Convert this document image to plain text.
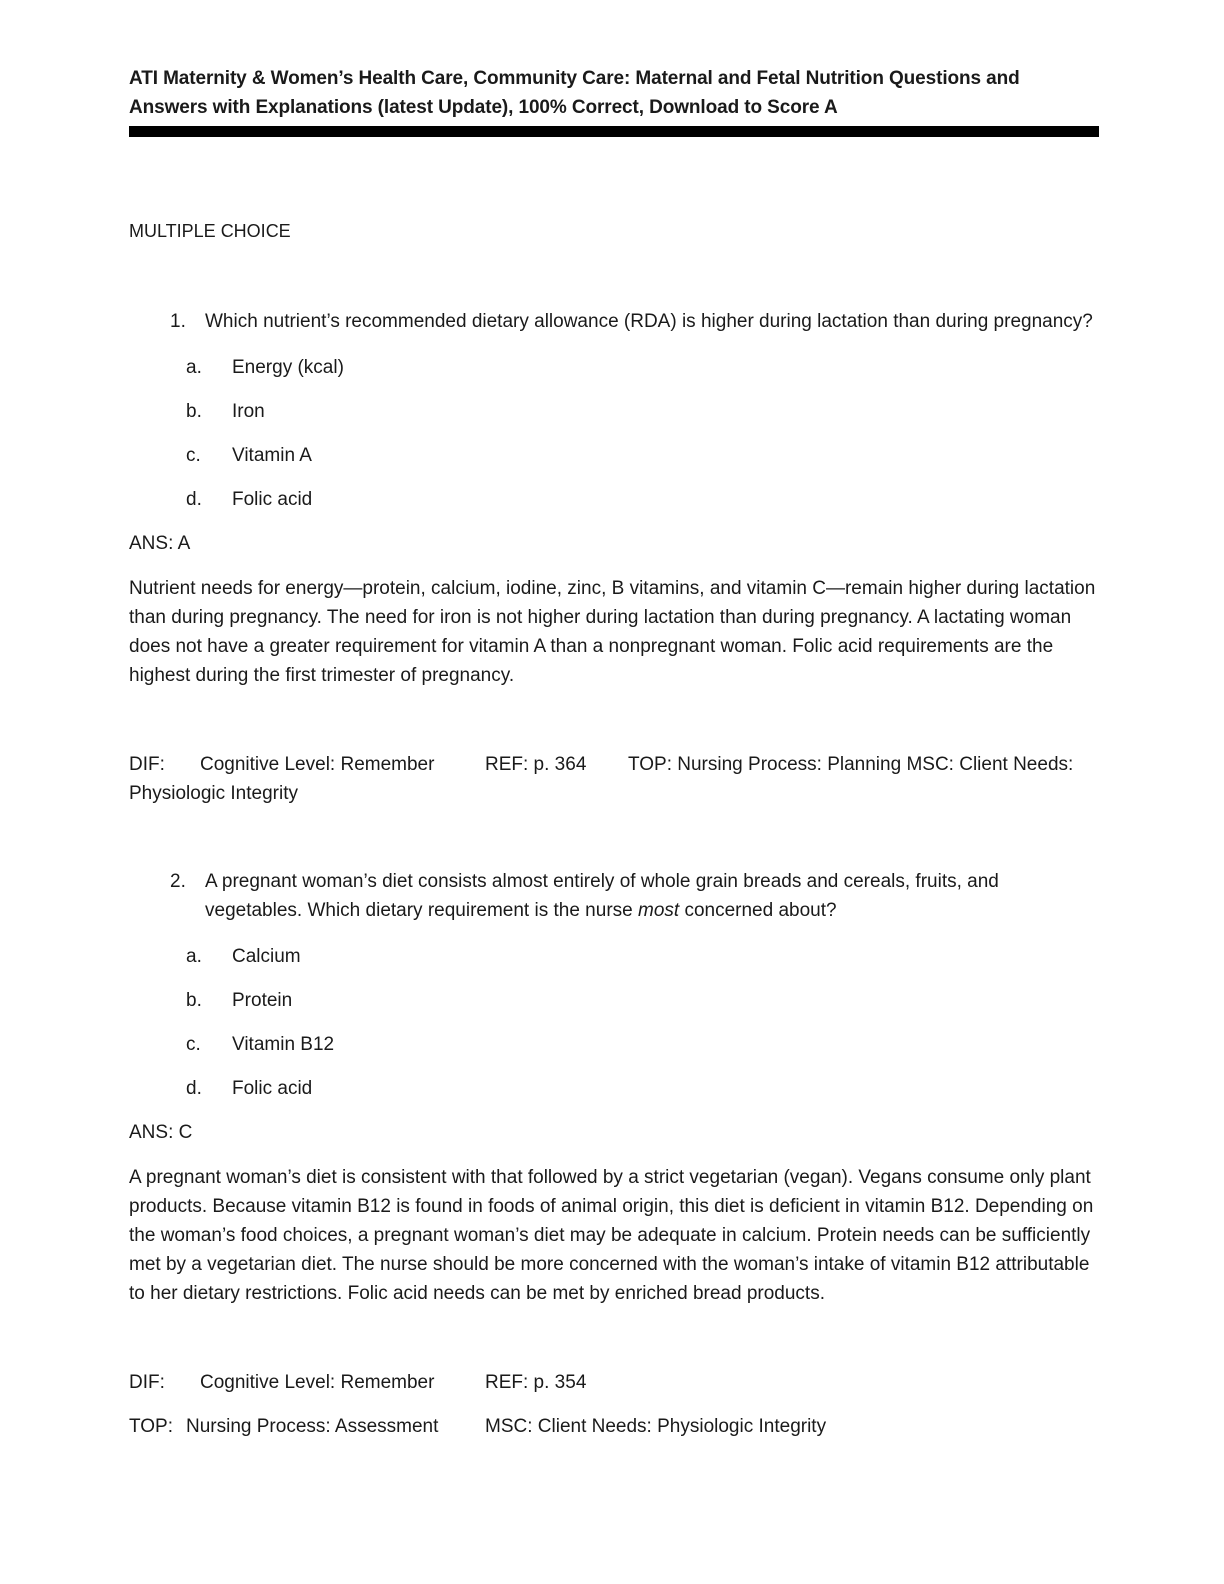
ATI Maternity & Women’s Health Care, Community Care: Maternal and Fetal Nutrition Questions and Answers with Explanations (latest Update), 100% Correct, Download to Score A
MULTIPLE CHOICE
1. Which nutrient’s recommended dietary allowance (RDA) is higher during lactation than during pregnancy?
a. Energy (kcal)
b. Iron
c. Vitamin A
d. Folic acid
ANS: A
Nutrient needs for energy—protein, calcium, iodine, zinc, B vitamins, and vitamin C—remain higher during lactation than during pregnancy. The need for iron is not higher during lactation than during pregnancy. A lactating woman does not have a greater requirement for vitamin A than a nonpregnant woman. Folic acid requirements are the highest during the first trimester of pregnancy.
DIF: Cognitive Level: Remember	REF: p. 364 TOP: Nursing Process: Planning MSC: Client Needs:
Physiologic Integrity
2. A pregnant woman’s diet consists almost entirely of whole grain breads and cereals, fruits, and vegetables. Which dietary requirement is the nurse most concerned about?
a. Calcium
b. Protein
c. Vitamin B12
d. Folic acid
ANS: C
A pregnant woman’s diet is consistent with that followed by a strict vegetarian (vegan). Vegans consume only plant products. Because vitamin B12 is found in foods of animal origin, this diet is deficient in vitamin B12. Depending on the woman’s food choices, a pregnant woman’s diet may be adequate in calcium. Protein needs can be sufficiently met by a vegetarian diet. The nurse should be more concerned with the woman’s intake of vitamin B12 attributable to her dietary restrictions. Folic acid needs can be met by enriched bread products.
DIF: Cognitive Level: Remember	REF: p. 354
TOP: Nursing Process: Assessment MSC: Client Needs: Physiologic Integrity
